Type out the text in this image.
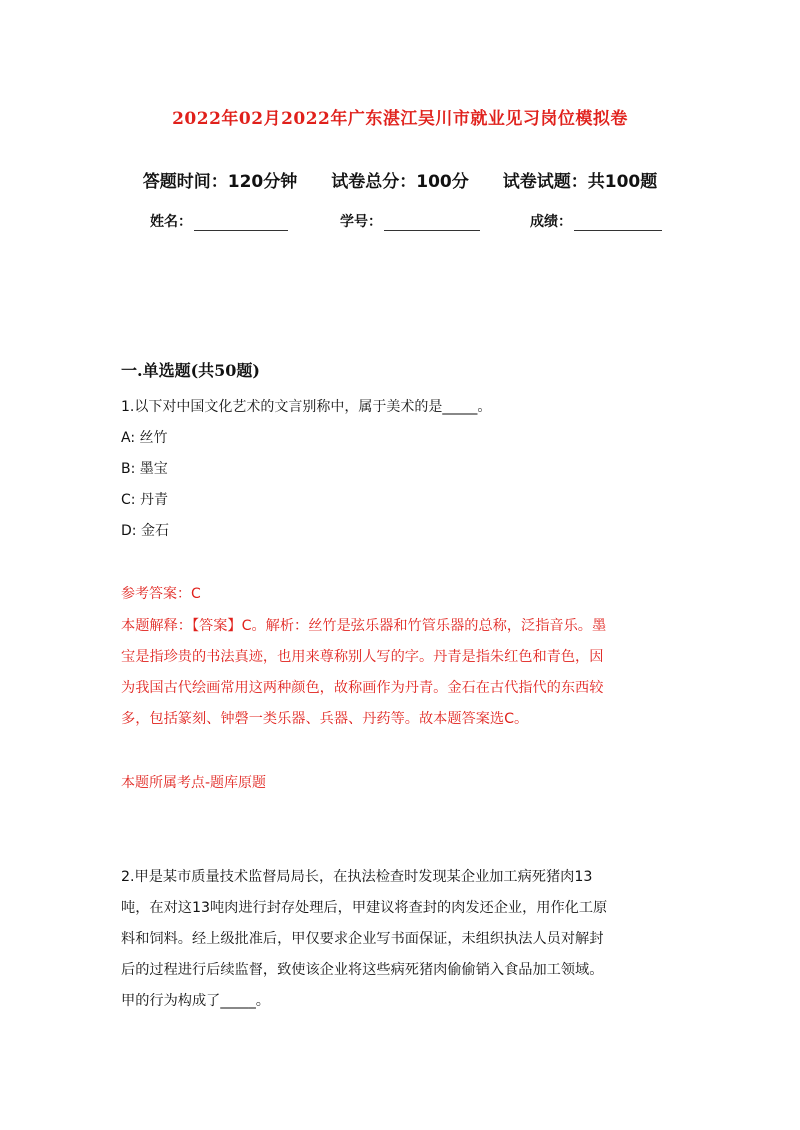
2022年02月2022年广东湛江吴川市就业见习岗位模拟卷
答题时间：120分钟 试卷总分：100分 试卷试题：共100题
姓名：	学号：	成绩：
一.单选题(共50题)
1.以下对中国文化艺术的文言别称中，属于美术的是_____。
A: 丝竹
B: 墨宝
C: 丹青
D: 金石
参考答案：C
本题解释：【答案】C。解析：丝竹是弦乐器和竹管乐器的总称，泛指音乐。墨
宝是指珍贵的书法真迹，也用来尊称别人写的字。丹青是指朱红色和青色，因
为我国古代绘画常用这两种颜色，故称画作为丹青。金石在古代指代的东西较
多，包括篆刻、钟磬一类乐器、兵器、丹药等。故本题答案选C。
本题所属考点-题库原题
2.甲是某市质量技术监督局局长，在执法检查时发现某企业加工病死猪肉13
吨，在对这13吨肉进行封存处理后，甲建议将查封的肉发还企业，用作化工原
料和饲料。经上级批准后，甲仅要求企业写书面保证，未组织执法人员对解封
后的过程进行后续监督，致使该企业将这些病死猪肉偷偷销入食品加工领域。
甲的行为构成了_____。
